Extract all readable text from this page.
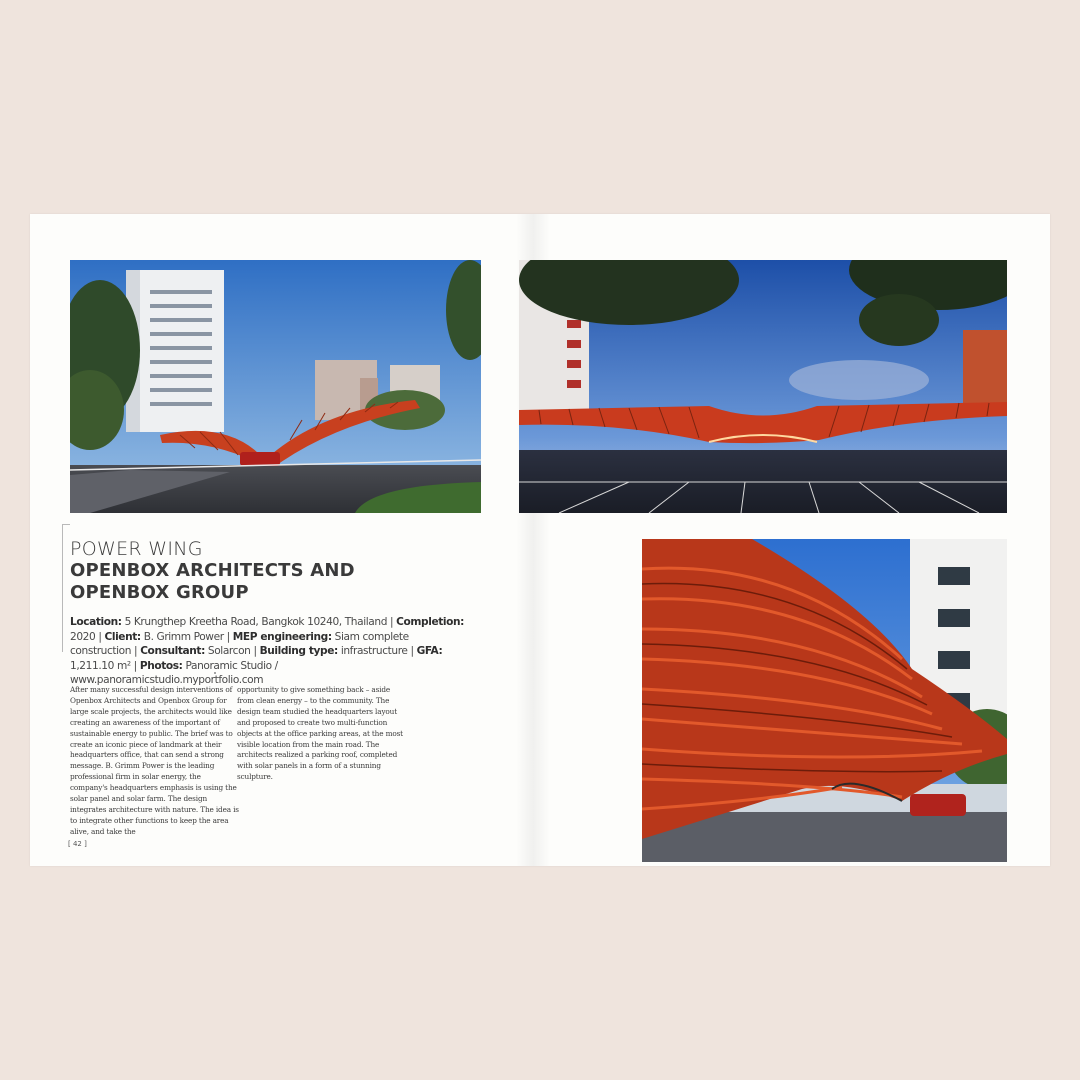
POWER WING

OPENBOX ARCHITECTS AND

OPENBOX GROUP

Location: 5 Krungthep Kreetha Road, Bangkok 10240, Thailand | Completion: 2020 | Client: B. Grimm Power | MEP engineering: Siam complete construction | Consultant: Solarcon | Building type: infrastructure | GFA: 1,211.10 m² | Photos: Panoramic Studio / www.panoramicstudio.myportfolio.com

After many successful design interventions of Openbox Architects and Openbox Group for large scale projects, the architects would like creating an awareness of the important of sustainable energy to public. The brief was to create an iconic piece of landmark at their headquarters office, that can send a strong message. B. Grimm Power is the leading professional firm in solar energy, the company's headquarters emphasis is using the solar panel and solar farm. The design integrates architecture with nature. The idea is to integrate other functions to keep the area alive, and take the

opportunity to give something back – aside from clean energy – to the community. The design team studied the headquarters layout and proposed to create two multi-function objects at the office parking areas, at the most visible location from the main road. The architects realized a parking roof, completed with solar panels in a form of a stunning sculpture.

[ 42 ]
